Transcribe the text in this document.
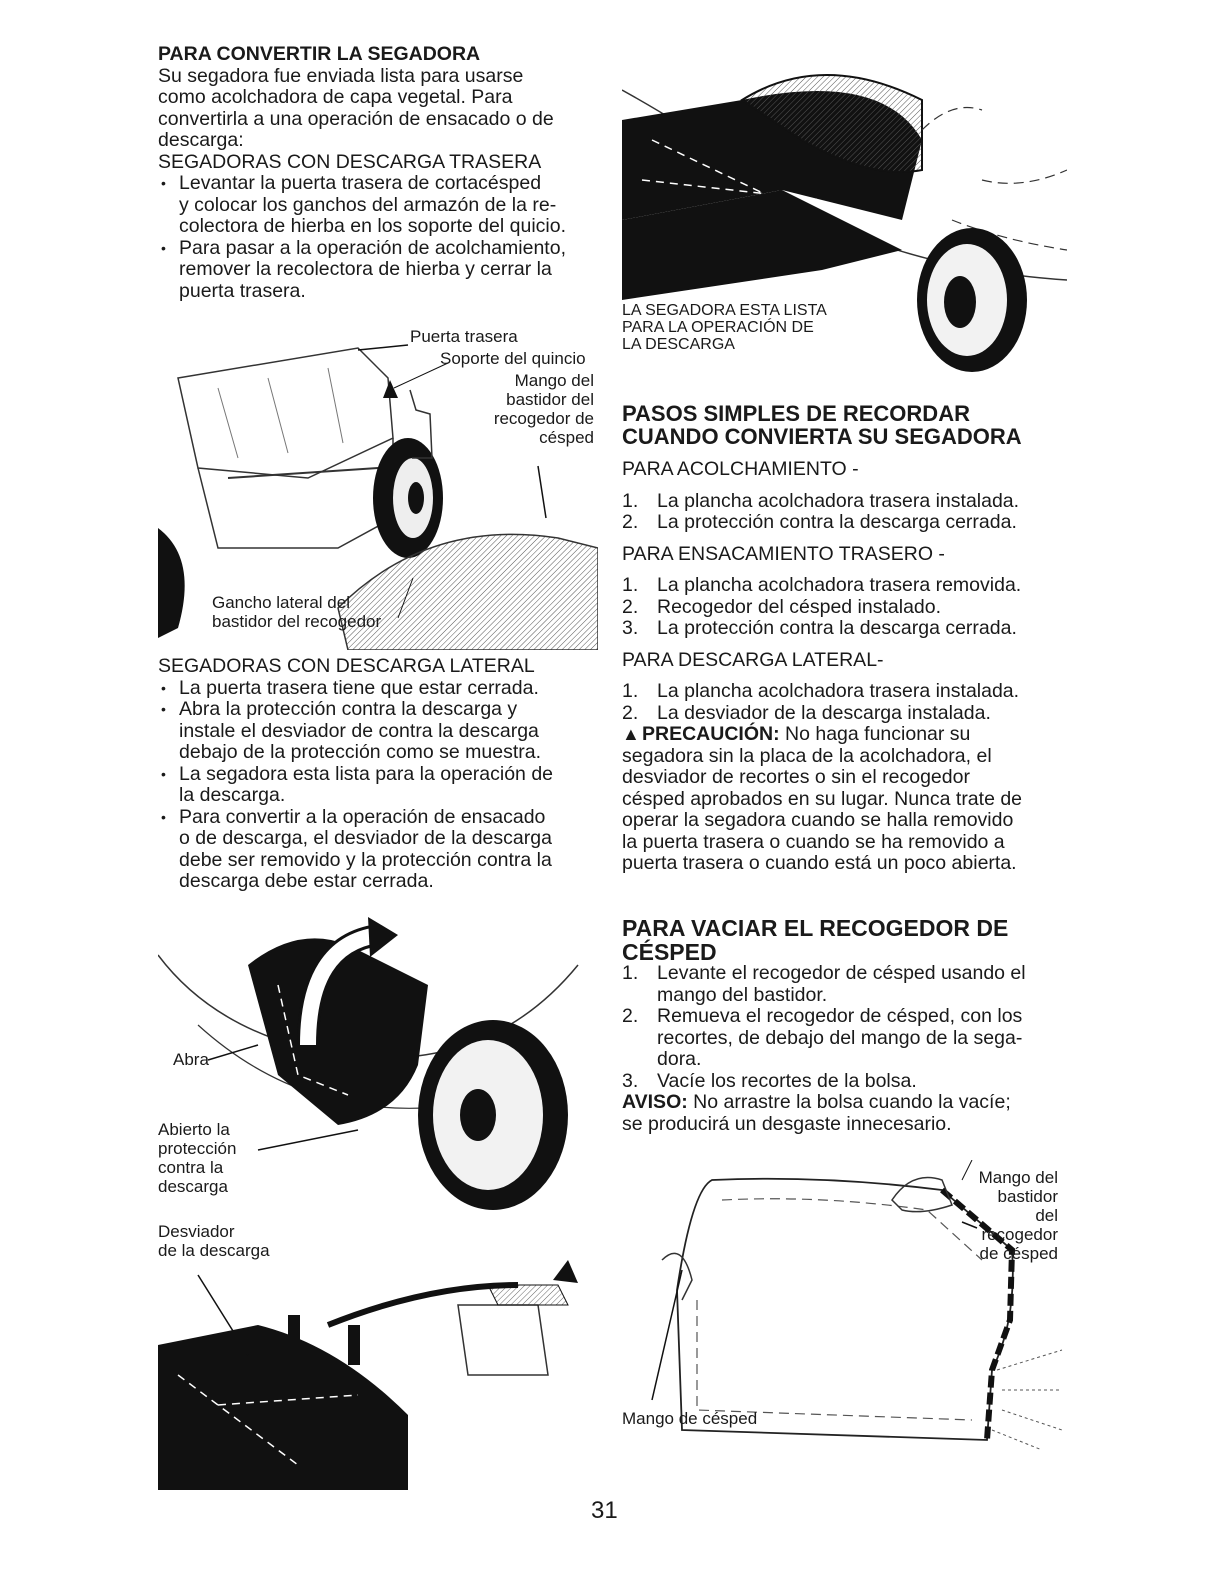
PARA CONVERTIR LA SEGADORA
Su segadora fue enviada lista para usarse
como acolchadora de capa vegetal. Para
convertirla a una operación de ensacado o de
descarga:
SEGADORAS CON DESCARGA TRASERA
• Levantar la puerta trasera de cortacésped
y colocar los ganchos del armazón de la re-
colectora de hierba en los soporte del quicio.
• Para pasar a la operación de acolchamiento,
remover la recolectora de hierba y cerrar la
puerta trasera.
Puerta trasera
Soporte del quincio
Mango del
bastidor del
recogedor de
césped
Gancho lateral del
bastidor del recogedor
SEGADORAS CON DESCARGA LATERAL
• La puerta trasera tiene que estar cerrada.
• Abra la protección contra la descarga y
instale el desviador de contra la descarga
debajo de la protección como se muestra.
• La segadora esta lista para la operación de
la descarga.
• Para convertir a la operación de ensacado
o de descarga, el desviador de la descarga
debe ser removido y la protección contra la
descarga debe estar cerrada.
Abra
Abierto la
protección
contra la
descarga
Desviador
de la descarga
LA SEGADORA ESTA LISTA
PARA LA OPERACIÓN DE
LA DESCARGA
PASOS SIMPLES DE RECORDAR
CUANDO CONVIERTA SU SEGADORA
PARA ACOLCHAMIENTO -
1. La plancha acolchadora trasera instalada.
2. La protección contra la descarga cerrada.
PARA ENSACAMIENTO TRASERO -
1. La plancha acolchadora trasera removida.
2. Recogedor del césped instalado.
3. La protección contra la descarga cerrada.
PARA DESCARGA LATERAL-
1. La plancha acolchadora trasera instalada.
2. La desviador de la descarga instalada.
▲ PRECAUCIÓN: No haga funcionar su
segadora sin la placa de la acolchadora, el
desviador de recortes o sin el recogedor
césped aprobados en su lugar. Nunca trate de
operar la segadora cuando se halla removido
la puerta trasera o cuando se ha removido a
puerta trasera o cuando está un poco abierta.
PARA VACIAR EL RECOGEDOR DE
CÉSPED
1. Levante el recogedor de césped usando el
mango del bastidor.
2. Remueva el recogedor de césped, con los
recortes, de debajo del mango de la sega-
dora.
3. Vacíe los recortes de la bolsa.
AVISO: No arrastre la bolsa cuando la vacíe;
se producirá un desgaste innecesario.
Mango del
bastidor
del
recogedor
de césped
Mango de césped
31
